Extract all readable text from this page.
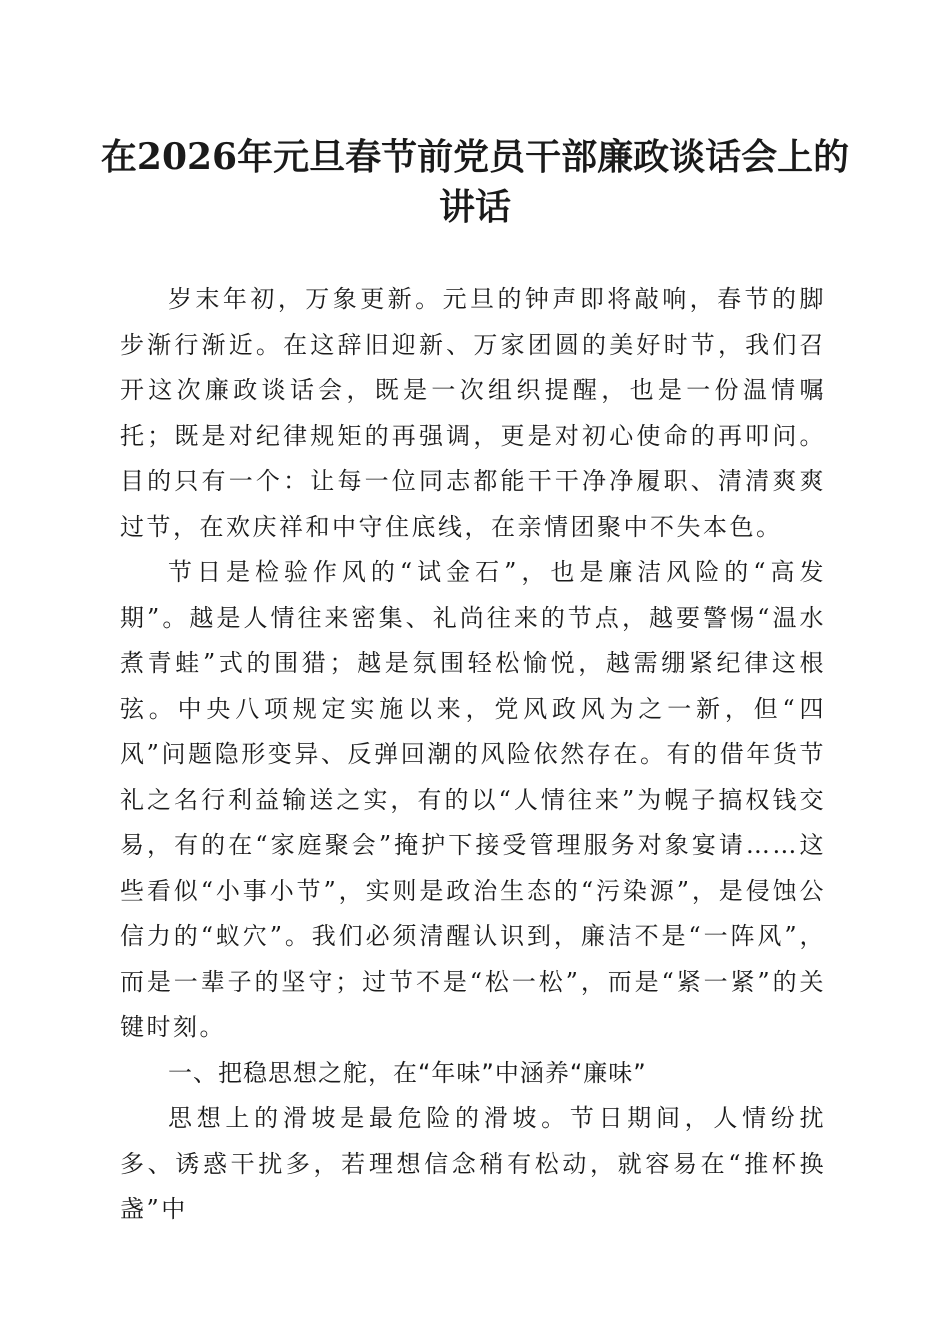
在2026年元旦春节前党员干部廉政谈话会上的讲话

岁末年初，万象更新。元旦的钟声即将敲响，春节的脚步渐行渐近。在这辞旧迎新、万家团圆的美好时节，我们召开这次廉政谈话会，既是一次组织提醒，也是一份温情嘱托；既是对纪律规矩的再强调，更是对初心使命的再叩问。目的只有一个：让每一位同志都能干干净净履职、清清爽爽过节，在欢庆祥和中守住底线，在亲情团聚中不失本色。

节日是检验作风的“试金石”，也是廉洁风险的“高发期”。越是人情往来密集、礼尚往来的节点，越要警惕“温水煮青蛙”式的围猎；越是氛围轻松愉悦，越需绷紧纪律这根弦。中央八项规定实施以来，党风政风为之一新，但“四风”问题隐形变异、反弹回潮的风险依然存在。有的借年货节礼之名行利益输送之实，有的以“人情往来”为幌子搞权钱交易，有的在“家庭聚会”掩护下接受管理服务对象宴请……这些看似“小事小节”，实则是政治生态的“污染源”，是侵蚀公信力的“蚁穴”。我们必须清醒认识到，廉洁不是“一阵风”，而是一辈子的坚守；过节不是“松一松”，而是“紧一紧”的关键时刻。

一、把稳思想之舵，在“年味”中涵养“廉味”

思想上的滑坡是最危险的滑坡。节日期间，人情纷扰多、诱惑干扰多，若理想信念稍有松动，就容易在“推杯换盏”中
